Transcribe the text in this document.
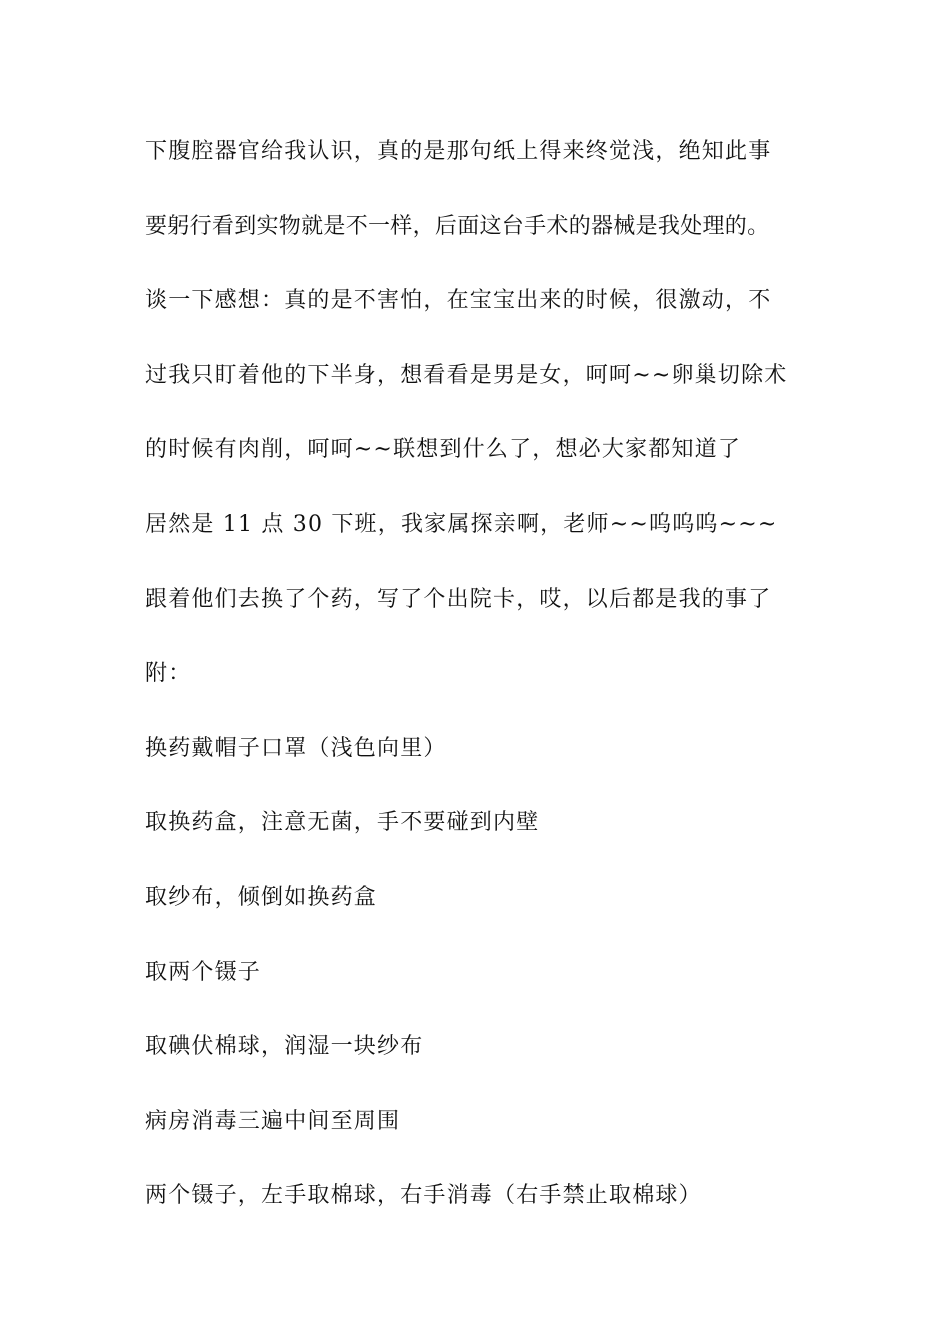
下腹腔器官给我认识，真的是那句纸上得来终觉浅，绝知此事
要躬行看到实物就是不一样，后面这台手术的器械是我处理的。
谈一下感想：真的是不害怕，在宝宝出来的时候，很激动，不
过我只盯着他的下半身，想看看是男是女，呵呵~~卵巢切除术
的时候有肉削，呵呵~~联想到什么了，想必大家都知道了
居然是 11 点 30 下班，我家属探亲啊，老师~~呜呜呜~~~
跟着他们去换了个药，写了个出院卡，哎，以后都是我的事了
附：
换药戴帽子口罩（浅色向里）
取换药盒，注意无菌，手不要碰到内壁
取纱布，倾倒如换药盒
取两个镊子
取碘伏棉球，润湿一块纱布
病房消毒三遍中间至周围
两个镊子，左手取棉球，右手消毒（右手禁止取棉球）
